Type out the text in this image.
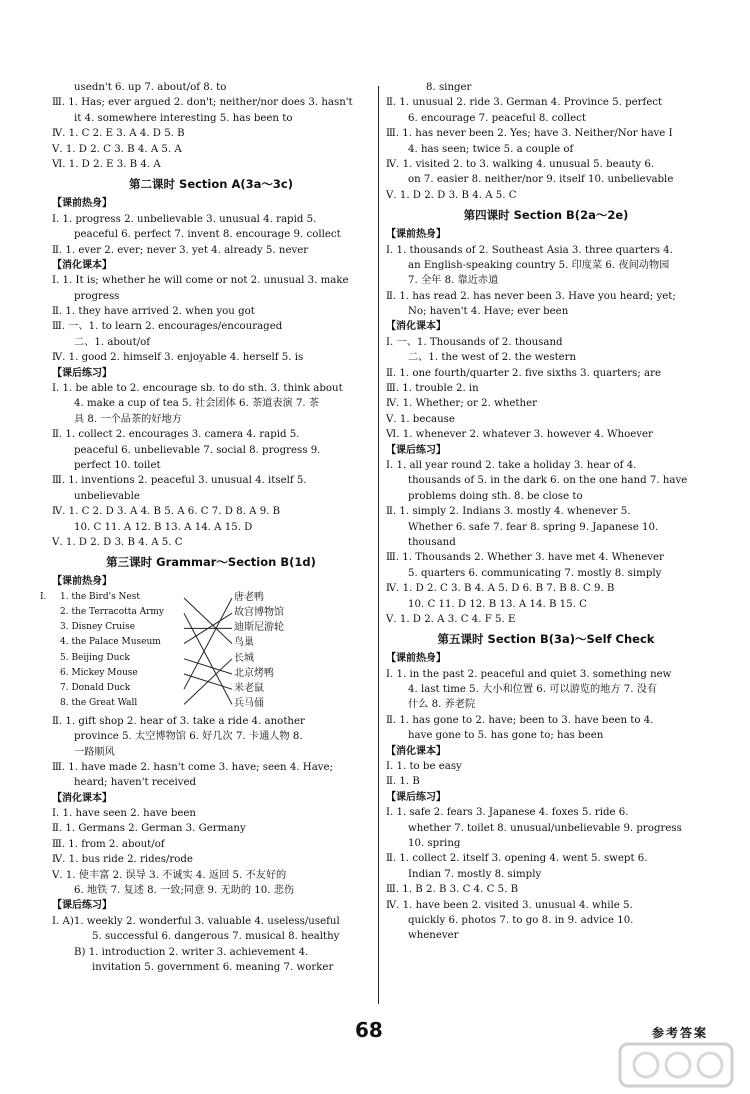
usedn't 6. up 7. about/of 8. to
Ⅲ. 1. Has; ever argued 2. don't; neither/nor does 3. hasn't
it 4. somewhere interesting 5. has been to
Ⅳ. 1. C 2. E 3. A 4. D 5. B
Ⅴ. 1. D 2. C 3. B 4. A 5. A
Ⅵ. 1. D 2. E 3. B 4. A
第二课时 Section A(3a～3c)
【课前热身】
Ⅰ. 1. progress 2. unbelievable 3. unusual 4. rapid 5.
peaceful 6. perfect 7. invent 8. encourage 9. collect
Ⅱ. 1. ever 2. ever; never 3. yet 4. already 5. never
【消化课本】
Ⅰ. 1. It is; whether he will come or not 2. unusual 3. make
progress
Ⅱ. 1. they have arrived 2. when you got
Ⅲ. 一、1. to learn 2. encourages/encouraged
二、1. about/of
Ⅳ. 1. good 2. himself 3. enjoyable 4. herself 5. is
【课后练习】
Ⅰ. 1. be able to 2. encourage sb. to do sth. 3. think about
4. make a cup of tea 5. 社会团体 6. 茶道表演 7. 茶
具 8. 一个品茶的好地方
Ⅱ. 1. collect 2. encourages 3. camera 4. rapid 5.
peaceful 6. unbelievable 7. social 8. progress 9.
perfect 10. toilet
Ⅲ. 1. inventions 2. peaceful 3. unusual 4. itself 5.
unbelievable
Ⅳ. 1. C 2. D 3. A 4. B 5. A 6. C 7. D 8. A 9. B
10. C 11. A 12. B 13. A 14. A 15. D
Ⅴ. 1. D 2. D 3. B 4. A 5. C
第三课时 Grammar～Section B(1d)
【课前热身】
Ⅰ.	1. the Bird's Nest
2. the Terracotta Army
3. Disney Cruise
4. the Palace Museum
5. Beijing Duck
6. Mickey Mouse
7. Donald Duck
8. the Great Wall
唐老鸭
故宫博物馆
迪斯尼游轮
鸟巢
长城
北京烤鸭
米老鼠
兵马俑
Ⅱ. 1. gift shop 2. hear of 3. take a ride 4. another
province 5. 太空博物馆 6. 好几次 7. 卡通人物 8.
一路顺风
Ⅲ. 1. have made 2. hasn't come 3. have; seen 4. Have;
heard; haven't received
【消化课本】
Ⅰ. 1. have seen 2. have been
Ⅱ. 1. Germans 2. German 3. Germany
Ⅲ. 1. from 2. about/of
Ⅳ. 1. bus ride 2. rides/rode
Ⅴ. 1. 使丰富 2. 误导 3. 不诚实 4. 返回 5. 不友好的
6. 地铁 7. 复述 8. 一致;同意 9. 无助的 10. 悲伤
【课后练习】
Ⅰ. A)1. weekly 2. wonderful 3. valuable 4. useless/useful
5. successful 6. dangerous 7. musical 8. healthy
B) 1. introduction 2. writer 3. achievement 4.
invitation 5. government 6. meaning 7. worker
8. singer
Ⅱ. 1. unusual 2. ride 3. German 4. Province 5. perfect
6. encourage 7. peaceful 8. collect
Ⅲ. 1. has never been 2. Yes; have 3. Neither/Nor have I
4. has seen; twice 5. a couple of
Ⅳ. 1. visited 2. to 3. walking 4. unusual 5. beauty 6.
on 7. easier 8. neither/nor 9. itself 10. unbelievable
Ⅴ. 1. D 2. D 3. B 4. A 5. C
第四课时 Section B(2a～2e)
【课前热身】
Ⅰ. 1. thousands of 2. Southeast Asia 3. three quarters 4.
an English-speaking country 5. 印度菜 6. 夜间动物园
7. 全年 8. 靠近赤道
Ⅱ. 1. has read 2. has never been 3. Have you heard; yet;
No; haven't 4. Have; ever been
【消化课本】
Ⅰ. 一、1. Thousands of 2. thousand
二、1. the west of 2. the western
Ⅱ. 1. one fourth/quarter 2. five sixths 3. quarters; are
Ⅲ. 1. trouble 2. in
Ⅳ. 1. Whether; or 2. whether
Ⅴ. 1. because
Ⅵ. 1. whenever 2. whatever 3. however 4. Whoever
【课后练习】
Ⅰ. 1. all year round 2. take a holiday 3. hear of 4.
thousands of 5. in the dark 6. on the one hand 7. have
problems doing sth. 8. be close to
Ⅱ. 1. simply 2. Indians 3. mostly 4. whenever 5.
Whether 6. safe 7. fear 8. spring 9. Japanese 10.
thousand
Ⅲ. 1. Thousands 2. Whether 3. have met 4. Whenever
5. quarters 6. communicating 7. mostly 8. simply
Ⅳ. 1. D 2. C 3. B 4. A 5. D 6. B 7. B 8. C 9. B
10. C 11. D 12. B 13. A 14. B 15. C
Ⅴ. 1. D 2. A 3. C 4. F 5. E
第五课时 Section B(3a)～Self Check
【课前热身】
Ⅰ. 1. in the past 2. peaceful and quiet 3. something new
4. last time 5. 大小和位置 6. 可以游览的地方 7. 没有
什么 8. 养老院
Ⅱ. 1. has gone to 2. have; been to 3. have been to 4.
have gone to 5. has gone to; has been
【消化课本】
Ⅰ. 1. to be easy
Ⅱ. 1. B
【课后练习】
Ⅰ. 1. safe 2. fears 3. Japanese 4. foxes 5. ride 6.
whether 7. toilet 8. unusual/unbelievable 9. progress
10. spring
Ⅱ. 1. collect 2. itself 3. opening 4. went 5. swept 6.
Indian 7. mostly 8. simply
Ⅲ. 1. B 2. B 3. C 4. C 5. B
Ⅳ. 1. have been 2. visited 3. unusual 4. while 5.
quickly 6. photos 7. to go 8. in 9. advice 10.
whenever
68	参考答案
